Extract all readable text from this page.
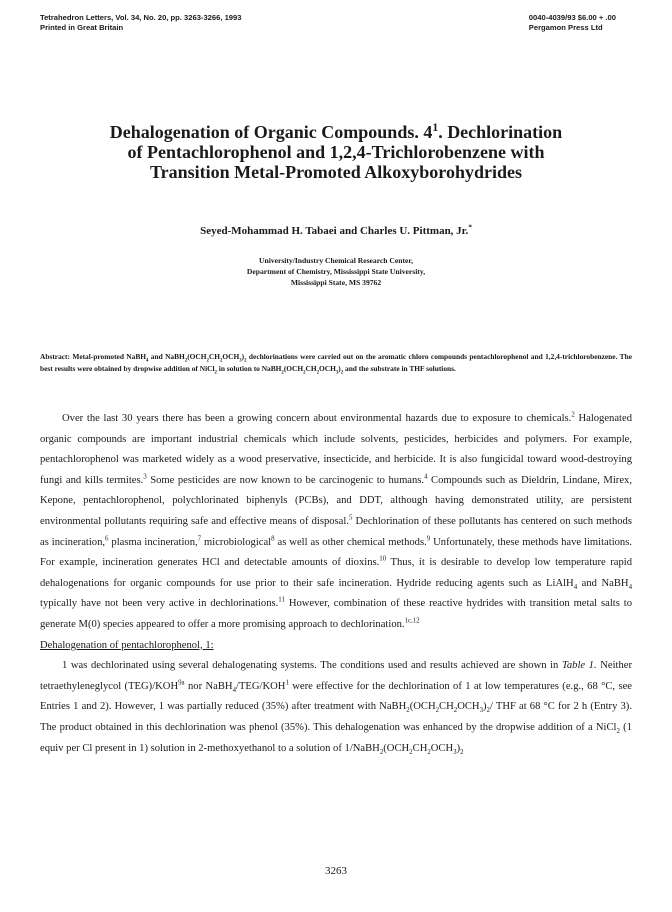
Tetrahedron Letters, Vol. 34, No. 20, pp. 3263-3266, 1993
Printed in Great Britain
0040-4039/93 $6.00 + .00
Pergamon Press Ltd
Dehalogenation of Organic Compounds. $4^1$. Dechlorination
of Pentachlorophenol and 1,2,4-Trichlorobenzene with
Transition Metal-Promoted Alkoxyborohydrides
Seyed-Mohammad H. Tabaei and Charles U. Pittman, Jr.*
University/Industry Chemical Research Center,
Department of Chemistry, Mississippi State University,
Mississippi State, MS 39762
Abstract: Metal-promoted NaBH$_4$ and $NaBH_2(OCH_2CH_2OCH_3)_2$ dechlorinations were carried out on the aromatic chloro compounds pentachlorophenol and 1,2,4-trichlorobenzene. The best results were obtained by dropwise addition of NiCl$_2$ in solution to $NaBH_2(OCH_2CH_2OCH_3)_2$ and the substrate in THF solutions.

Over the last 30 years there has been a growing concern about environmental hazards due to exposure to chemicals.$^2$ Halogenated organic compounds are important industrial chemicals which include solvents, pesticides, herbicides and polymers. For example, pentachlorophenol was marketed widely as a wood preservative, insecticide, and herbicide. It is also fungicidal toward wood-destroying fungi and kills termites.$^3$ Some pesticides are now known to be carcinogenic to humans.$^4$ Compounds such as Dieldrin, Lindane, Mirex, Kepone, pentachlorophenol, polychlorinated biphenyls (PCBs), and DDT, although having demonstrated utility, are persistent environmental pollutants requiring safe and effective means of disposal.$^5$ Dechlorination of these pollutants has centered on such methods as incineration,$^6$ plasma incineration,$^7$ microbiological$^8$ as well as other chemical methods.$^9$ Unfortunately, these methods have limitations. For example, incineration generates HCl and detectable amounts of dioxins.$^{10}$ Thus, it is desirable to develop low temperature rapid dehalogenations for organic compounds for use prior to their safe incineration. Hydride reducing agents such as LiAlH$_4$ and NaBH$_4$ typically have not been very active in dechlorinations.$^{11}$ However, combination of these reactive hydrides with transition metal salts to generate M(0) species appeared to offer a more promising approach to dechlorination.$^{1c,12}$

Dehalogenation of pentachlorophenol, 1:

1 was dechlorinated using several dehalogenating systems. The conditions used and results achieved are shown in Table 1. Neither tetraethyleneglycol $(TEG)/KOH^{9a}$ nor $NaBH_4/TEG/KOH^1$ were effective for the dechlorination of 1 at low temperatures (e.g., 68 °C, see Entries 1 and 2). However, 1 was partially reduced (35%) after treatment with $NaBH_2(OCH_2CH_2OCH_3)_2/$ THF at 68 °C for 2 h (Entry 3). The product obtained in this dechlorination was phenol (35%). This dehalogenation was enhanced by the dropwise addition of a NiCl$_2$ (1 equiv per Cl present in 1) solution in 2-methoxyethanol to a solution of $1/NaBH_2(OCH_2CH_2OCH_3)_2$

3263
